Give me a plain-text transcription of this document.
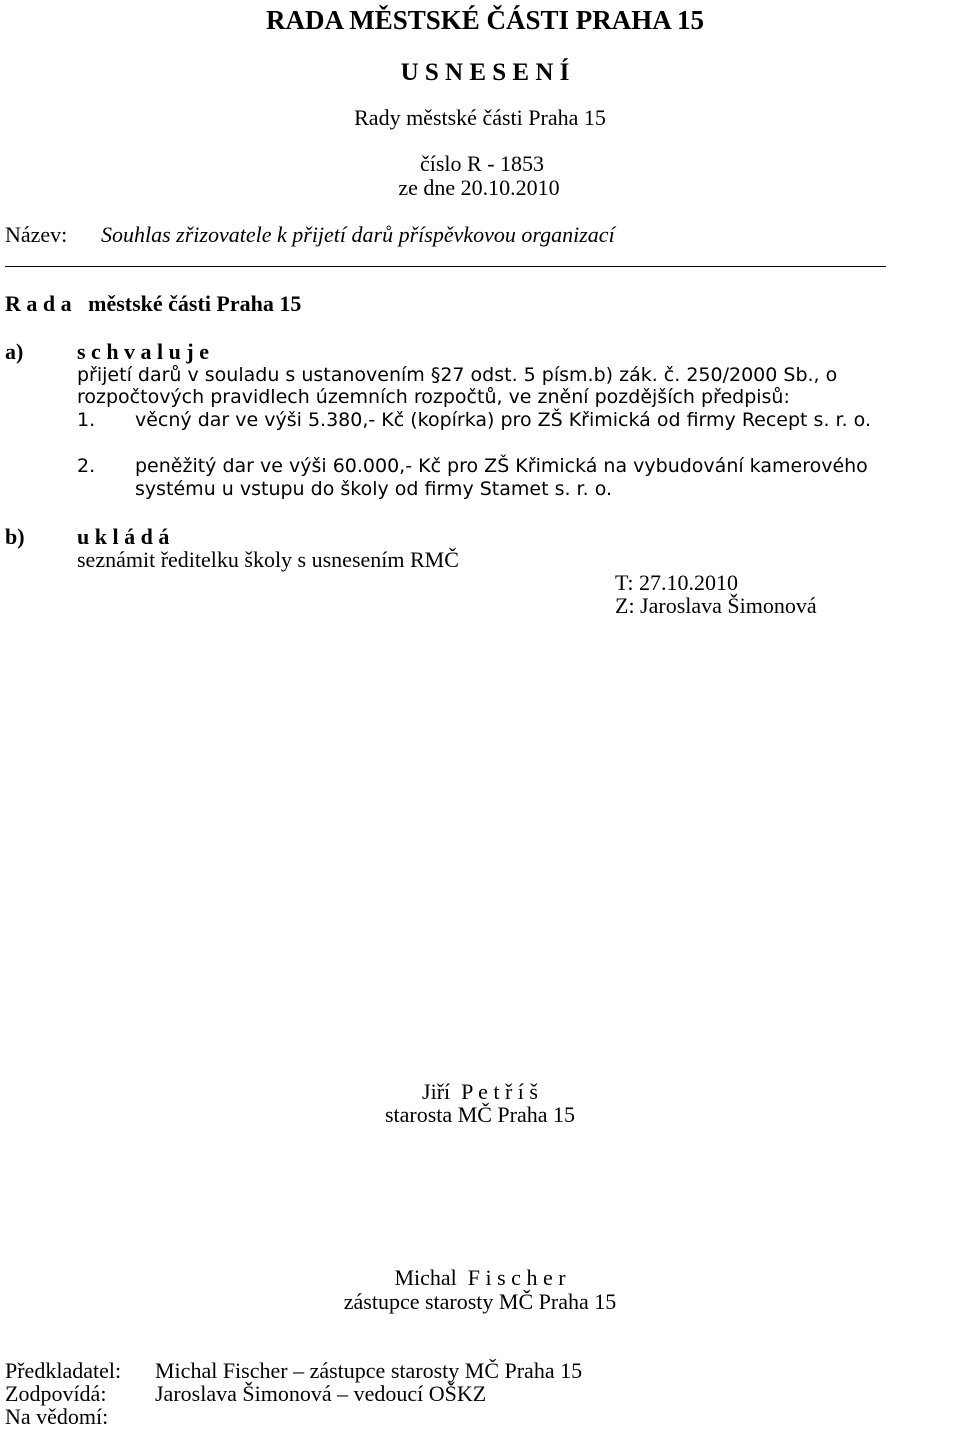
RADA MĚSTSKÉ ČÁSTI PRAHA 15
U S N E S E N Í
Rady městské části Praha 15
číslo R - 1853
ze dne 20.10.2010
Název: Souhlas zřizovatele k přijetí darů příspěvkovou organizací
R a d a   městské části Praha 15
a) s c h v a l u j e
přijetí darů v souladu s ustanovením §27 odst. 5 písm.b) zák. č. 250/2000 Sb., o
rozpočtových pravidlech územních rozpočtů, ve znění pozdějších předpisů:
1. věcný dar ve výši 5.380,- Kč (kopírka) pro ZŠ Křimická od firmy Recept s. r. o.
2. peněžitý dar ve výši 60.000,- Kč pro ZŠ Křimická na vybudování kamerového
systému u vstupu do školy od firmy Stamet s. r. o.
b) u k l á d á
seznámit ředitelku školy s usnesením RMČ
T: 27.10.2010
Z: Jaroslava Šimonová
Jiří  P e t ř í š
starosta MČ Praha 15
Michal  F i s c h e r
zástupce starosty MČ Praha 15
Předkladatel: Michal Fischer – zástupce starosty MČ Praha 15
Zodpovídá: Jaroslava Šimonová – vedoucí OŠKZ
Na vědomí:
